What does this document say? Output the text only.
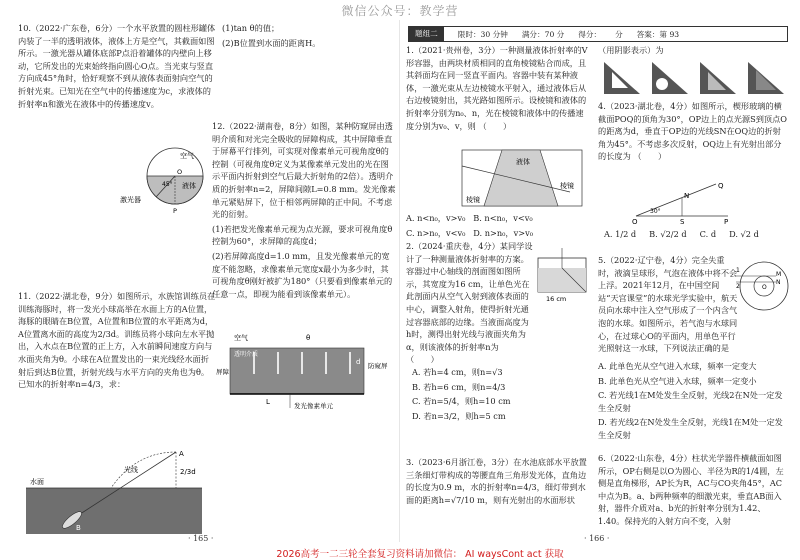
微信公众号：教学营

10.（2022·广东卷，6分）一个水平放置的圆柱形罐体内装了一半的透明液体，液体上方是空气，其截面如图所示。一激光器从罐体底部P点沿着罐体的内壁向上移动，它所发出的光束始终指向圆心O点。当光束与竖直方向成45°角时，恰好观察不到从液体表面射向空气的折射光束。已知光在空气中的传播速度为c，求液体的折射率n和激光在液体中的传播速度v。

空气
液体
45°
O
P
激光器

11.（2022·湖北卷，9分）如图所示，水族馆训练员在训练海豚时，将一发光小球高举在水面上方的A位置，海豚的眼睛在B位置，A位置和B位置的水平距离为d，A位置离水面的高度为2/3d。训练员将小球向左水平抛出，入水点在B位置的正上方，入水前瞬间速度方向与水面夹角为θ。小球在A位置发出的一束光线经水面折射后到达B位置，折射光线与水平方向的夹角也为θ。已知水的折射率n=4/3，求：

水面
光线
A
B
2/3d

(1)tan θ的值；

(2)B位置到水面的距离H。

12.（2022·湖南卷，8分）如图，某种防窥屏由透明介质和对光完全吸收的屏障构成，其中屏障垂直于屏幕平行排列，可实现对像素单元可视角度θ的控制（可视角度θ定义为某像素单元发出的光在图示平面内折射到空气后最大折射角的2倍）。透明介质的折射率n=2，屏障间隙L=0.8 mm。发光像素单元紧贴屏下，位于相邻两屏障的正中间。不考虑光的衍射。

(1)若把发光像素单元视为点光源，要求可视角度θ控制为60°，求屏障的高度d；

(2)若屏障高度d=1.0 mm，且发光像素单元的宽度不能忽略，求像素单元宽度x最小为多少时，其可视角度θ刚好被扩为180°（只要看到像素单元的任意一点，即视为能看到该像素单元）。

空气
透明介质
屏障
防窥屏
发光像素单元
L
d
θ
· 165 ·
题组二	限时：30 分钟 满分：70 分 得分： 分 答案：第 93

1.（2021·贵州卷，3分）一种测量液体折射率的V形容器，由两块材质相同的直角棱镜粘合而成，且其斜面均在同一竖直平面内。容器中装有某种液体，一激光束从左边棱镜水平射入，通过液体后从右边棱镜射出，其光路如图所示。设棱镜和液体的折射率分别为n₀、n，光在棱镜和液体中的传播速度分别为v₀、v，则 （　　）

液体
棱镜
棱镜

A. n<n₀，v>v₀ B. n<n₀，v<v₀

C. n>n₀，v<v₀ D. n>n₀，v>v₀

2.（2024·重庆卷，4分）某同学设计了一种测量液体折射率的方案。容器过中心轴线的剖面图如图所示，其宽度为16 cm，让单色光在此剖面内从空气入射到液体表面的中心，调整入射角，使得折射光通过容器底部的边缘。当液面高度为h时，测得出射光线与液面夹角为α，则该液体的折射率n为 （　　）

16 cm

A. 若h=4 cm，则n=√3

B. 若h=6 cm，则n=4/3

C. 若n=5/4，则h=10 cm

D. 若n=3/2，则h=5 cm

3.（2023·6月浙江卷，3分）在水池底部水平放置三条细灯带构成的等腰直角三角形发光体，直角边的长度为0.9 m，水的折射率n=4/3，细灯带到水面的距离h=√7/10 m，则有光射出的水面形状

（用阴影表示）为

4.（2023·湖北卷，4分）如图所示，楔形玻璃的横截面POQ的顶角为30°，OP边上的点光源S到顶点O的距离为d，垂直于OP边的光线SN在OQ边的折射角为45°。不考虑多次反射，OQ边上有光射出部分的长度为 （　　）

O	P
Q
S
N
30°

A. 1/2 d B. √2/2 d C. d D. √2 d

5.（2022·辽宁卷，4分）完全失重时，液滴呈球形，气泡在液体中将不会上浮。2021年12月，在中国空间站“天宫课堂”的水球光学实验中，航天员向水球中注入空气形成了一个内含气泡的水球。如图所示，若气泡与水球同心，在过球心O的平面内，用单色平行光照射这一水球，下列说法正确的是

O
M
N
1
2

A. 此单色光从空气进入水球，频率一定变大

B. 此单色光从空气进入水球，频率一定变小

C. 若光线1在M处发生全反射，光线2在N处一定发生全反射

D. 若光线2在N处发生全反射，光线1在M处一定发生全反射

6.（2022·山东卷，4分）柱状光学器件横截面如图所示，OP右侧是以O为圆心、半径为R的1/4圆，左侧是直角梯形，AP长为R，AC与CO夹角45°，AC中点为B。a、b两种频率的细激光束，垂直AB面入射，器件介质对a、b光的折射率分别为1.42、1.40。保持光的入射方向不变，入射

· 166 ·
2026高考一二三轮全套复习资料请加微信： AI waysCont act 获取
